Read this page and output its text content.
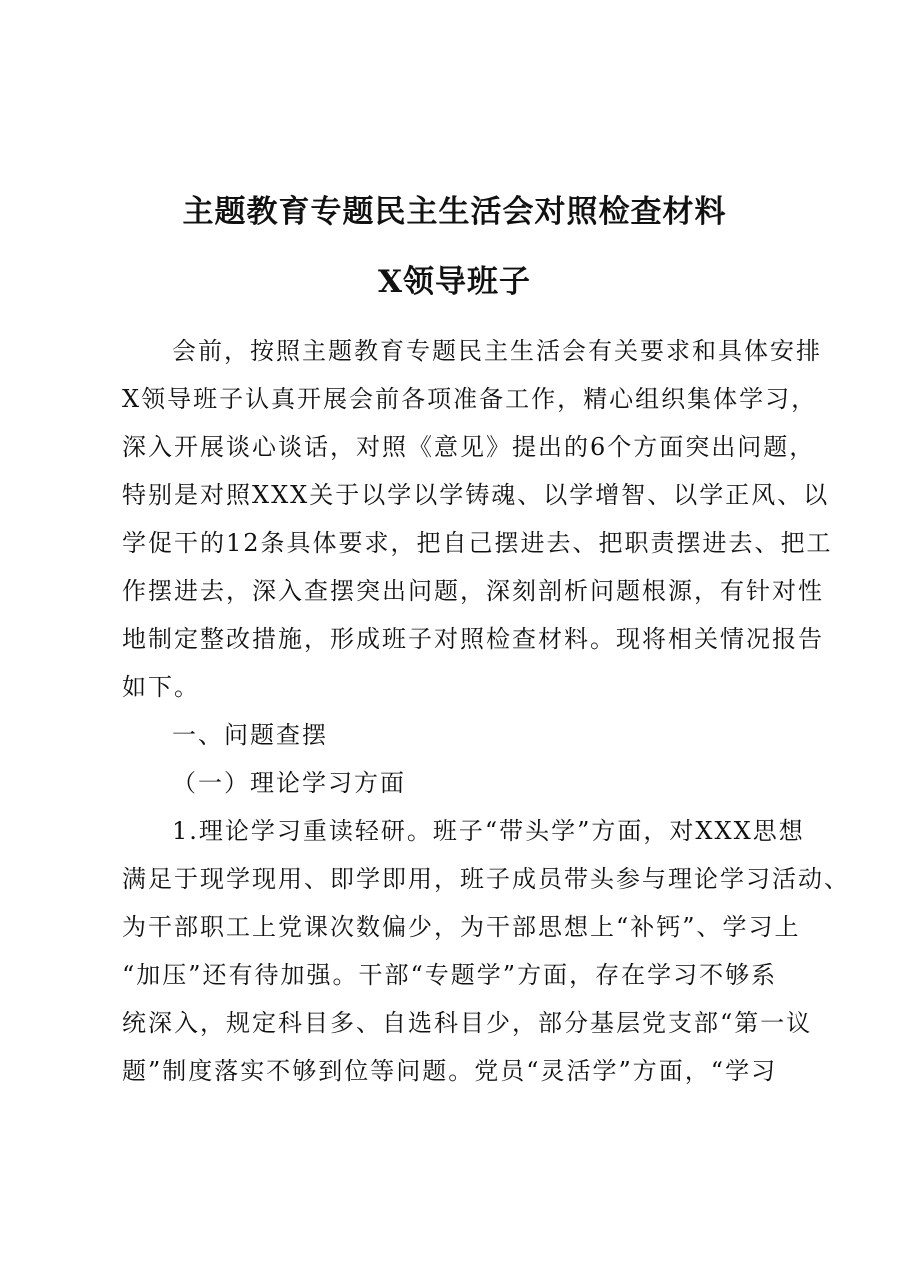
主题教育专题民主生活会对照检查材料
X领导班子
会前，按照主题教育专题民主生活会有关要求和具体安排
X领导班子认真开展会前各项准备工作，精心组织集体学习，
深入开展谈心谈话，对照《意见》提出的6个方面突出问题，
特别是对照XXX关于以学以学铸魂、以学增智、以学正风、以
学促干的12条具体要求，把自己摆进去、把职责摆进去、把工
作摆进去，深入查摆突出问题，深刻剖析问题根源，有针对性
地制定整改措施，形成班子对照检查材料。现将相关情况报告
如下。
一、问题查摆
（一）理论学习方面
1.理论学习重读轻研。班子“带头学”方面，对XXX思想
满足于现学现用、即学即用，班子成员带头参与理论学习活动、
为干部职工上党课次数偏少，为干部思想上“补钙”、学习上
“加压”还有待加强。干部“专题学”方面，存在学习不够系
统深入，规定科目多、自选科目少，部分基层党支部“第一议
题”制度落实不够到位等问题。党员“灵活学”方面，“学习
